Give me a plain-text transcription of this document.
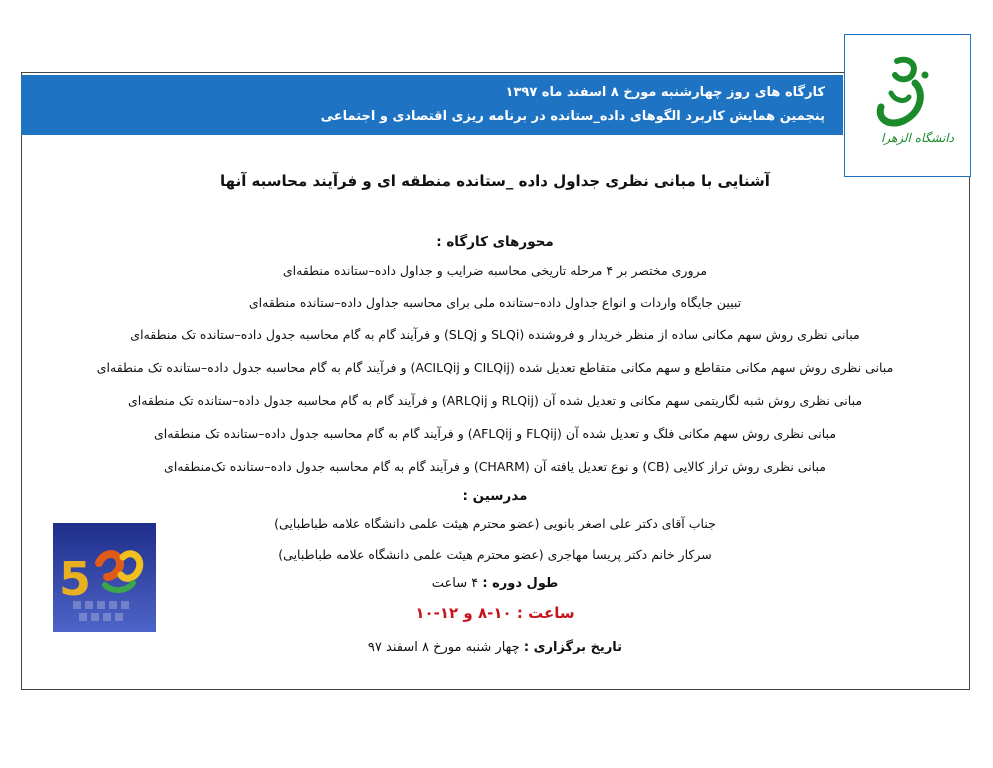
کارگاه های روز چهارشنبه مورخ ۸ اسفند ماه ۱۳۹۷
پنجمین همایش کاربرد الگوهای داده_ستانده در برنامه ریزی اقتصادی و اجتماعی
دانشگاه الزهرا
آشنایی با مبانی نظری جداول داده _ستانده منطقه ای و فرآیند محاسبه آنها
محورهای کارگاه :
مروری مختصر بر ۴ مرحله تاریخی محاسبه ضرایب و جداول داده–ستانده منطقه‌ای
تبیین جایگاه واردات و انواع جداول داده–ستانده ملی برای محاسبه جداول داده–ستانده منطقه‌ای
مبانی نظری روش سهم مکانی ساده از منظر خریدار و فروشنده (SLQi و SLQj) و فرآیند گام به گام محاسبه جدول داده–ستانده تک منطقه‌ای
مبانی نظری روش سهم مکانی متقاطع و سهم مکانی متقاطع تعدیل شده (CILQij و ACILQij) و فرآیند گام به گام محاسبه جدول داده–ستانده تک منطقه‌ای
مبانی نظری روش شبه لگاریتمی سهم مکانی و تعدیل شده آن (RLQij و ARLQij) و فرآیند گام به گام محاسبه جدول داده–ستانده تک منطقه‌ای
مبانی نظری روش سهم مکانی فلگ و تعدیل شده آن (FLQij و AFLQij) و فرآیند گام به گام محاسبه جدول داده–ستانده تک منطقه‌ای
مبانی نظری روش تراز کالایی (CB) و نوع تعدیل یافته آن (CHARM) و فرآیند گام به گام محاسبه جدول داده–ستانده تک‌منطقه‌ای
مدرسین :
جناب آقای دکتر علی اصغر بانویی (عضو محترم هیئت علمی دانشگاه علامه طباطبایی)
سرکار خانم دکتر پریسا مهاجری (عضو محترم هیئت علمی دانشگاه علامه طباطبایی)
طول دوره : ۴ ساعت
ساعت : ۱۰-۸ و ۱۲-۱۰
تاریخ برگزاری : چهار شنبه مورخ ۸ اسفند ۹۷
5
